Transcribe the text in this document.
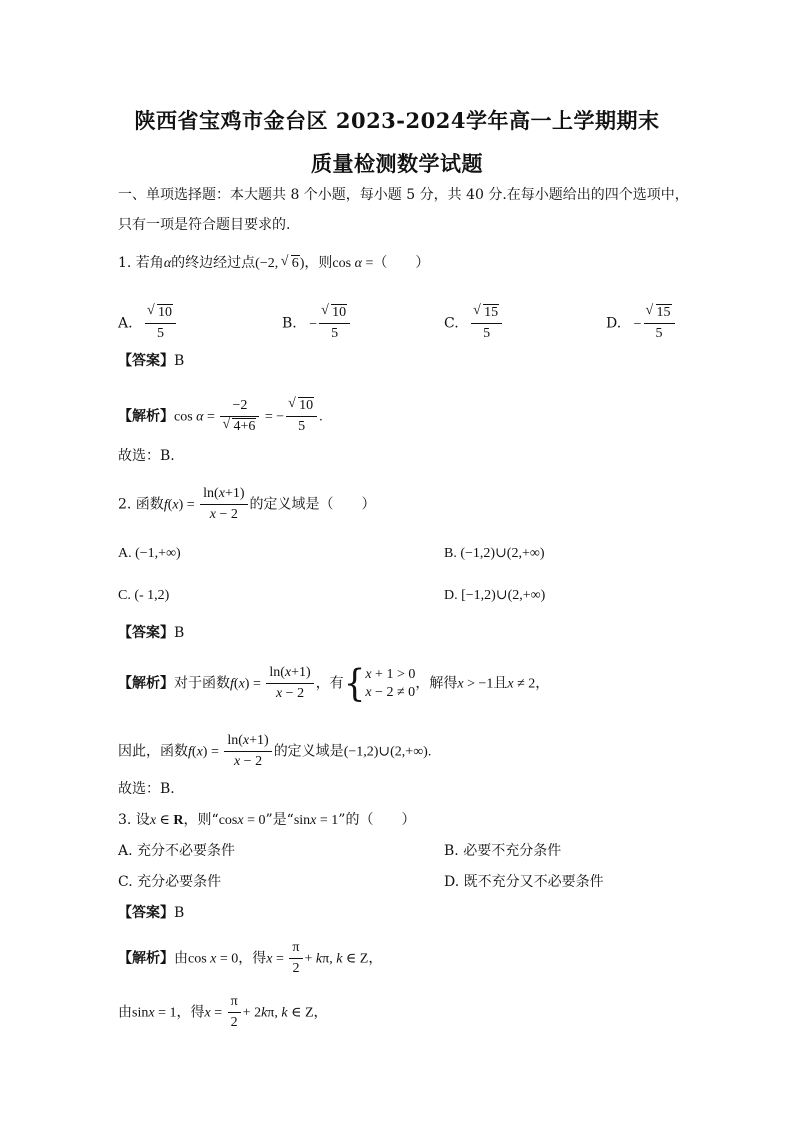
陕西省宝鸡市金台区 2023-2024学年高一上学期期末
质量检测数学试题
一、单项选择题：本大题共 8 个小题，每小题 5 分，共 40 分.在每小题给出的四个选项中，
只有一项是符合题目要求的.
1. 若角α的终边经过点(−2, √ 6)，则cos α =（　　）
A. √ $\frac{10}{5}$	B. − √ $\frac{10}{5}$	C. √ $\frac{15}{5}$	D. − √ $\frac{15}{5}$
【答案】B
【解析】cos α = −2
√ 4+6 = − √ $\frac{10}{5}$ .
故选：B.
2. 函数$f(x) = \frac{\ln(x+1)}{x - 2}$ 的定义域是（　　）
A. (−1,+∞)	B. (−1,2)∪(2,+∞)
C. (- 1,2)	D. [−1,2)∪(2,+∞)
【答案】B
【解析】对于函数$f(x) = \frac{\ln(x+1)}{x - 2}$ ，有{ x + 1 > 0
x − 2 ≠ 0
，解得x > −1且x ≠ 2，
因此，函数$f(x) = \frac{\ln(x+1)}{x - 2}$ 的定义域是(−1,2)∪(2,+∞).
故选：B.
3. 设x ∈ R，则“cosx = 0”是“sinx = 1”的（　　）
A. 充分不必要条件	B. 必要不充分条件
C. 充分必要条件	D. 既不充分又不必要条件
【答案】B
【解析】由cos x = 0，得$x = \frac{\pi}{2} + k\pi$, k ∈ Z，
由sinx = 1，得$x = \frac{\pi}{2} + 2k\pi$, k ∈ Z，
